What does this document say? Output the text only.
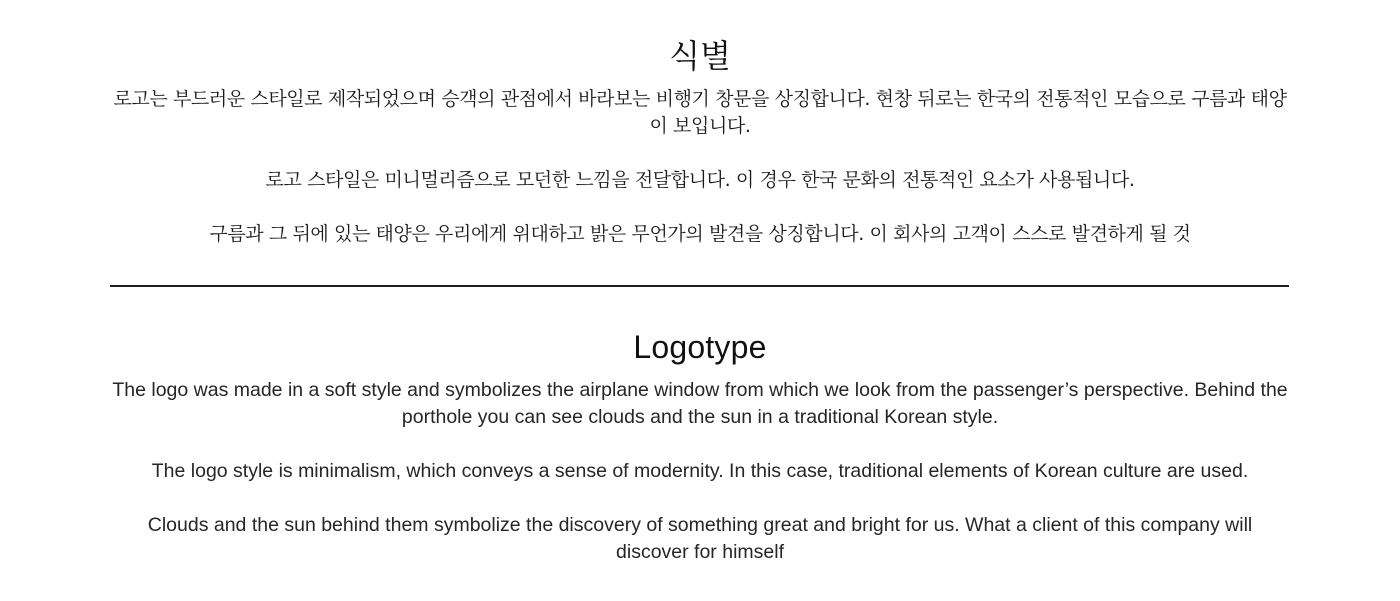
식별

로고는 부드러운 스타일로 제작되었으며 승객의 관점에서 바라보는 비행기 창문을 상징합니다. 현창 뒤로는 한국의 전통적인 모습으로 구름과 태양이 보입니다.

로고 스타일은 미니멀리즘으로 모던한 느낌을 전달합니다. 이 경우 한국 문화의 전통적인 요소가 사용됩니다.

구름과 그 뒤에 있는 태양은 우리에게 위대하고 밝은 무언가의 발견을 상징합니다. 이 회사의 고객이 스스로 발견하게 될 것

Logotype

The logo was made in a soft style and symbolizes the airplane window from which we look from the passenger’s perspective. Behind the porthole you can see clouds and the sun in a traditional Korean style.

The logo style is minimalism, which conveys a sense of modernity. In this case, traditional elements of Korean culture are used.

Clouds and the sun behind them symbolize the discovery of something great and bright for us. What a client of this company will discover for himself
